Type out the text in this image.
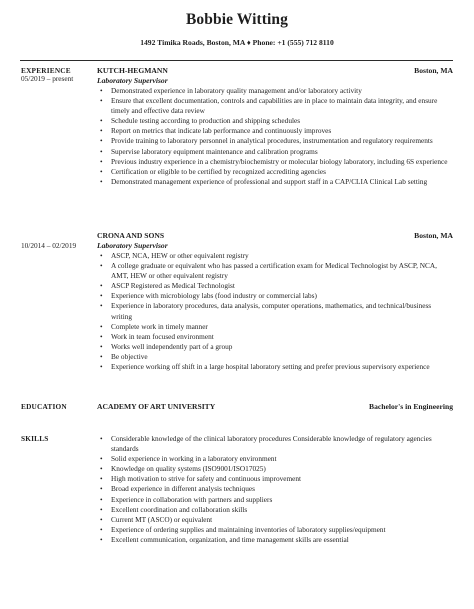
Bobbie Witting
1492 Timika Roads, Boston, MA ♦ Phone: +1 (555) 712 8110
EXPERIENCE
05/2019 – present
KUTCH-HEGMANN	Boston, MA
Laboratory Supervisor
• Demonstrated experience in laboratory quality management and/or laboratory activity
• Ensure that excellent documentation, controls and capabilities are in place to maintain data integrity, and ensure timely and effective data review
• Schedule testing according to production and shipping schedules
• Report on metrics that indicate lab performance and continuously improves
• Provide training to laboratory personnel in analytical procedures, instrumentation and regulatory requirements
• Supervise laboratory equipment maintenance and calibration programs
• Previous industry experience in a chemistry/biochemistry or molecular biology laboratory, including 6S experience
• Certification or eligible to be certified by recognized accrediting agencies
• Demonstrated management experience of professional and support staff in a CAP/CLIA Clinical Lab setting
10/2014 – 02/2019
CRONA AND SONS	Boston, MA
Laboratory Supervisor
• ASCP, NCA, HEW or other equivalent registry
• A college graduate or equivalent who has passed a certification exam for Medical Technologist by ASCP, NCA, AMT, HEW or other equivalent registry
• ASCP Registered as Medical Technologist
• Experience with microbiology labs (food industry or commercial labs)
• Experience in laboratory procedures, data analysis, computer operations, mathematics, and technical/business writing
• Complete work in timely manner
• Work in team focused environment
• Works well independently part of a group
• Be objective
• Experience working off shift in a large hospital laboratory setting and prefer previous supervisory experience
EDUCATION	ACADEMY OF ART UNIVERSITY	Bachelor's in Engineering
SKILLS	• Considerable knowledge of the clinical laboratory procedures Considerable knowledge of regulatory agencies standards
• Solid experience in working in a laboratory environment
• Knowledge on quality systems (ISO9001/ISO17025)
• High motivation to strive for safety and continuous improvement
• Broad experience in different analysis techniques
• Experience in collaboration with partners and suppliers
• Excellent coordination and collaboration skills
• Current MT (ASCO) or equivalent
• Experience of ordering supplies and maintaining inventories of laboratory supplies/equipment
• Excellent communication, organization, and time management skills are essential
